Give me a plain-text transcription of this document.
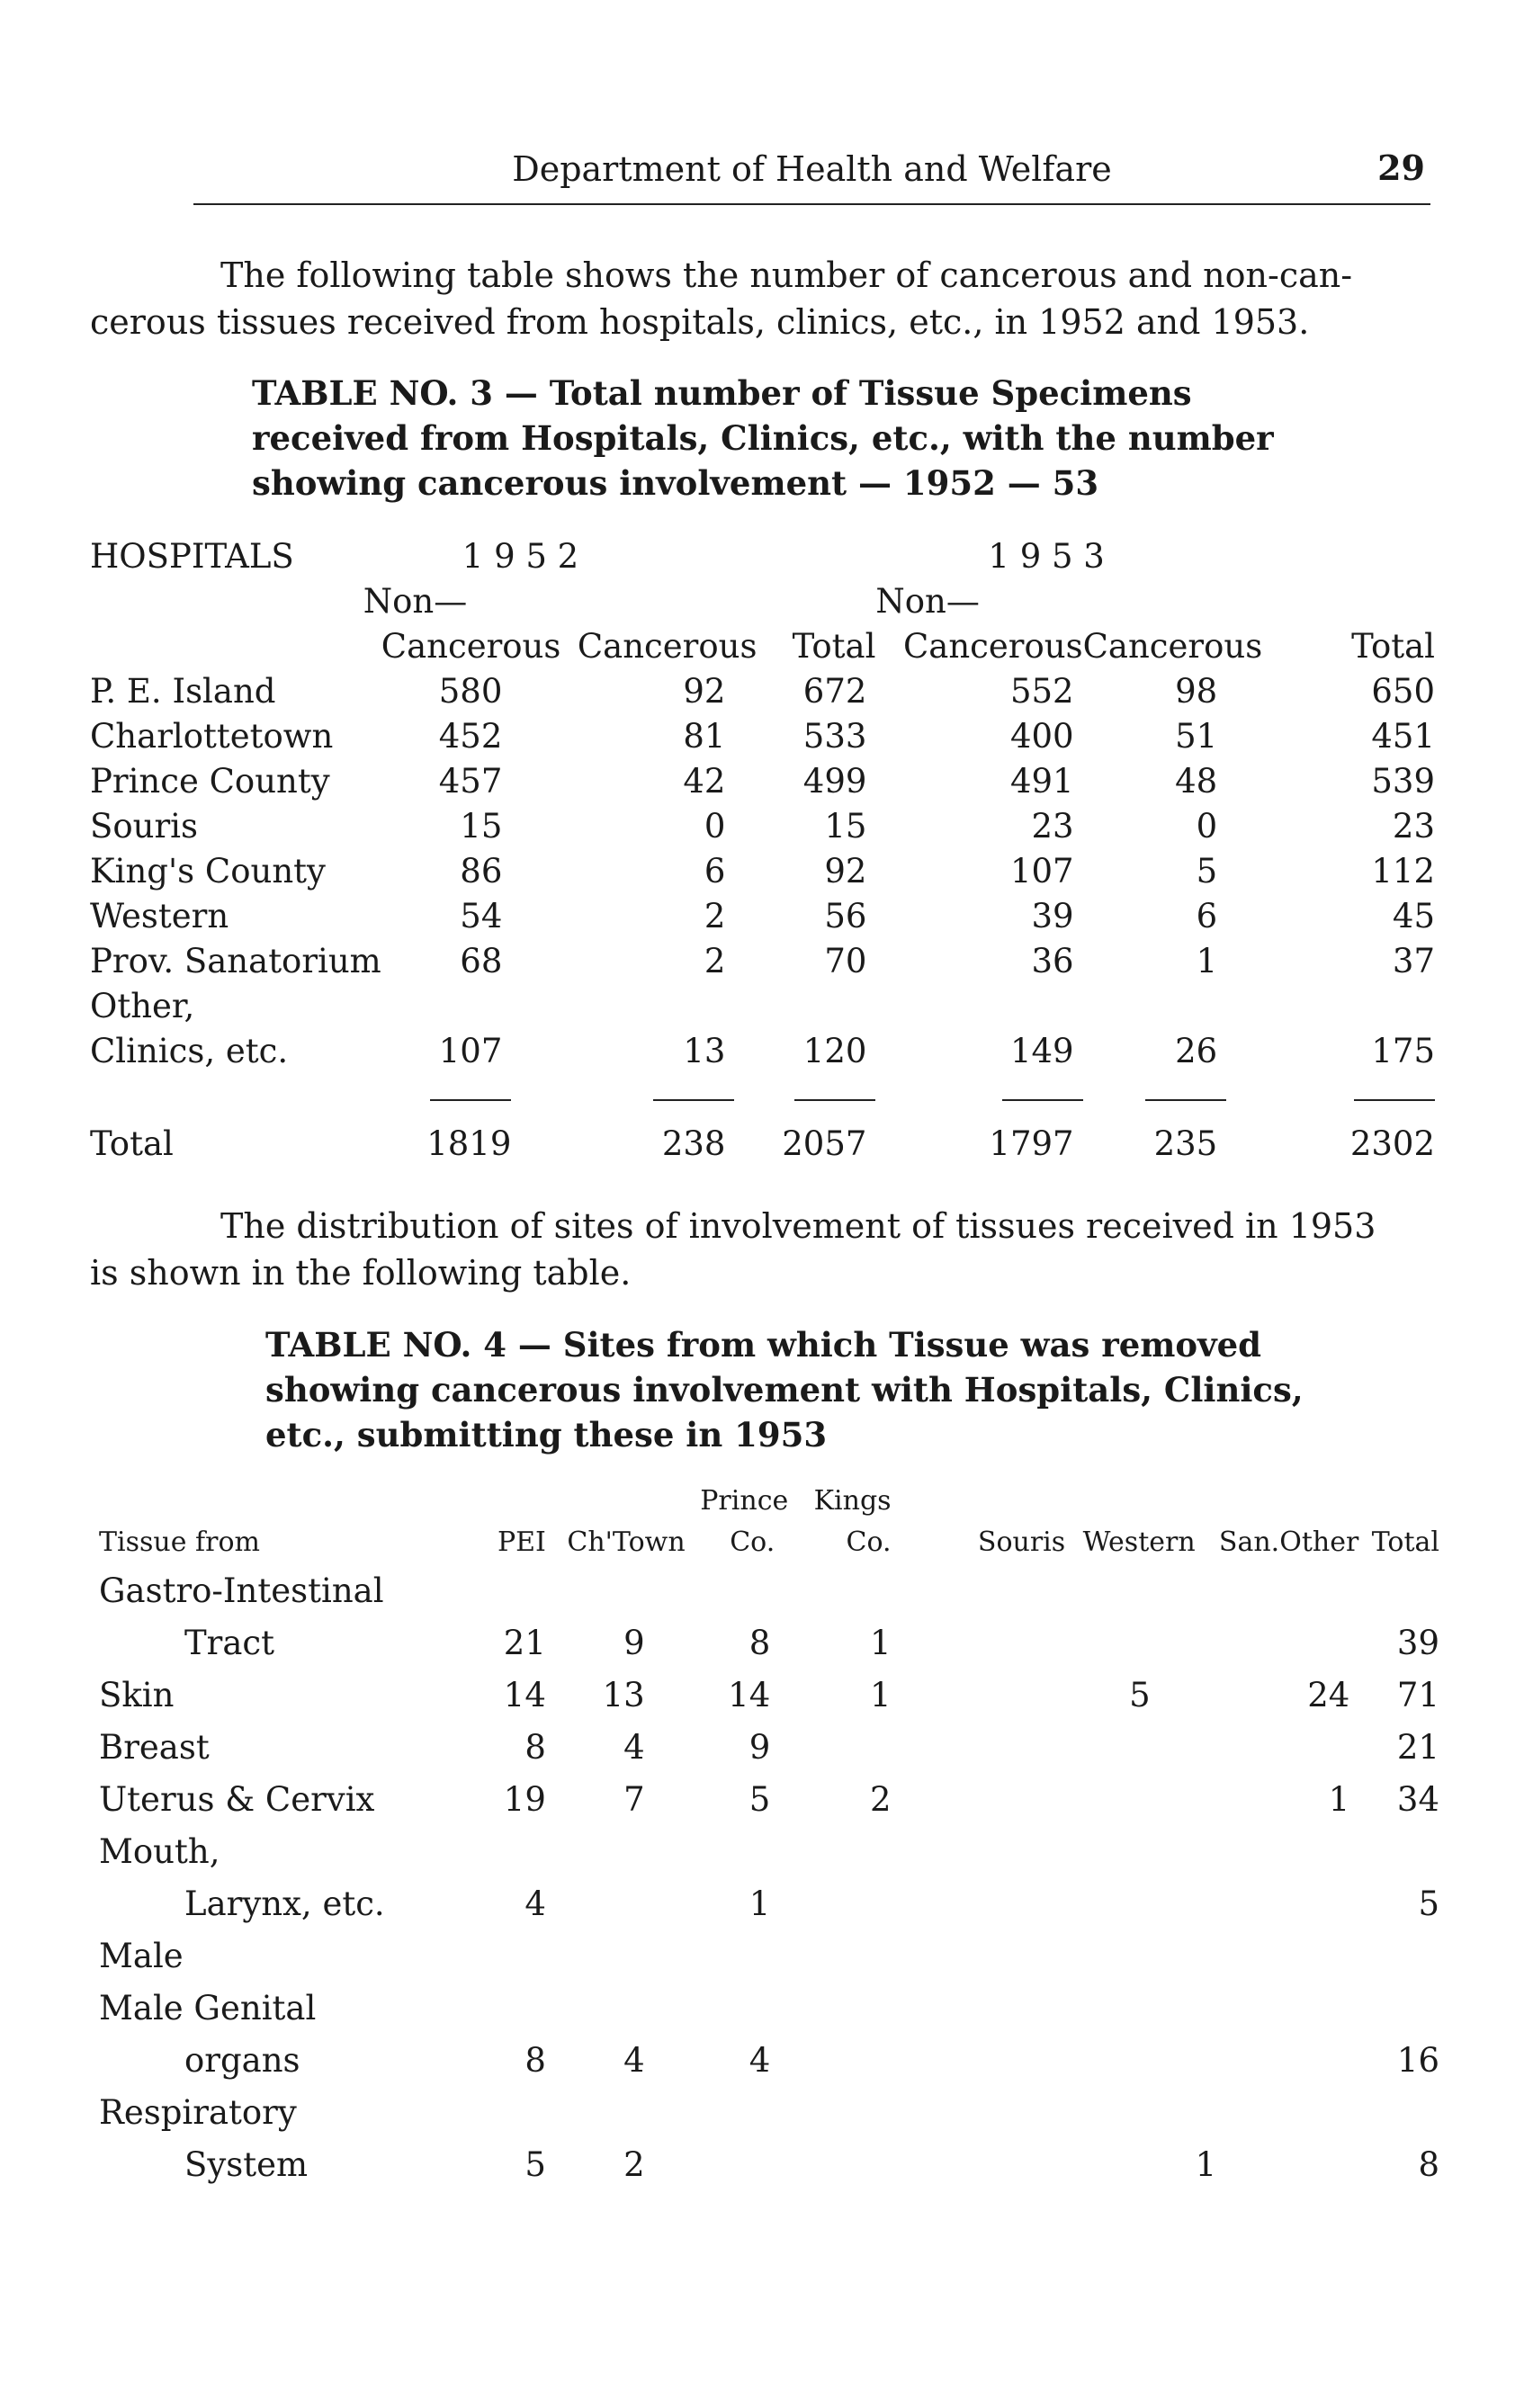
Department of Health and Welfare	29
The following table shows the number of cancerous and non-can-
cerous tissues received from hospitals, clinics, etc., in 1952 and 1953.
TABLE NO. 3 — Total number of Tissue Specimens
received from Hospitals, Clinics, etc., with the number
showing cancerous involvement — 1952 — 53
HOSPITALS	1 9 5 2		1 9 5 3	
	Non—			Non—		
	Cancerous	Cancerous	Total	Cancerous	Cancerous	Total
P. E. Island	580	92	672	552	98	650
Charlottetown	452	81	533	400	51	451
Prince County	457	42	499	491	48	539
Souris	15	0	15	23	0	23
King's County	86	6	92	107	5	112
Western	54	2	56	39	6	45
Prov. Sanatorium	68	2	70	36	1	37
Other,						
Clinics, etc.	107	13	120	149	26	175

Total	1819	238	2057	1797	235	2302
The distribution of sites of involvement of tissues received in 1953
is shown in the following table.
TABLE NO. 4 — Sites from which Tissue was removed
showing cancerous involvement with Hospitals, Clinics,
etc., submitting these in 1953
			Prince	Kings					
Tissue from	PEI	Ch'Town	Co.	Co.	Souris	Western	San.	Other	Total
Gastro-Intestinal									
Tract	21	9	8	1					39
Skin	14	13	14	1		5		24	71
Breast	8	4	9						21
Uterus & Cervix	19	7	5	2				1	34
Mouth,									
Larynx, etc.	4		1						5
Male									
Male Genital									
organs	8	4	4						16
Respiratory									
System	5	2					1		8
